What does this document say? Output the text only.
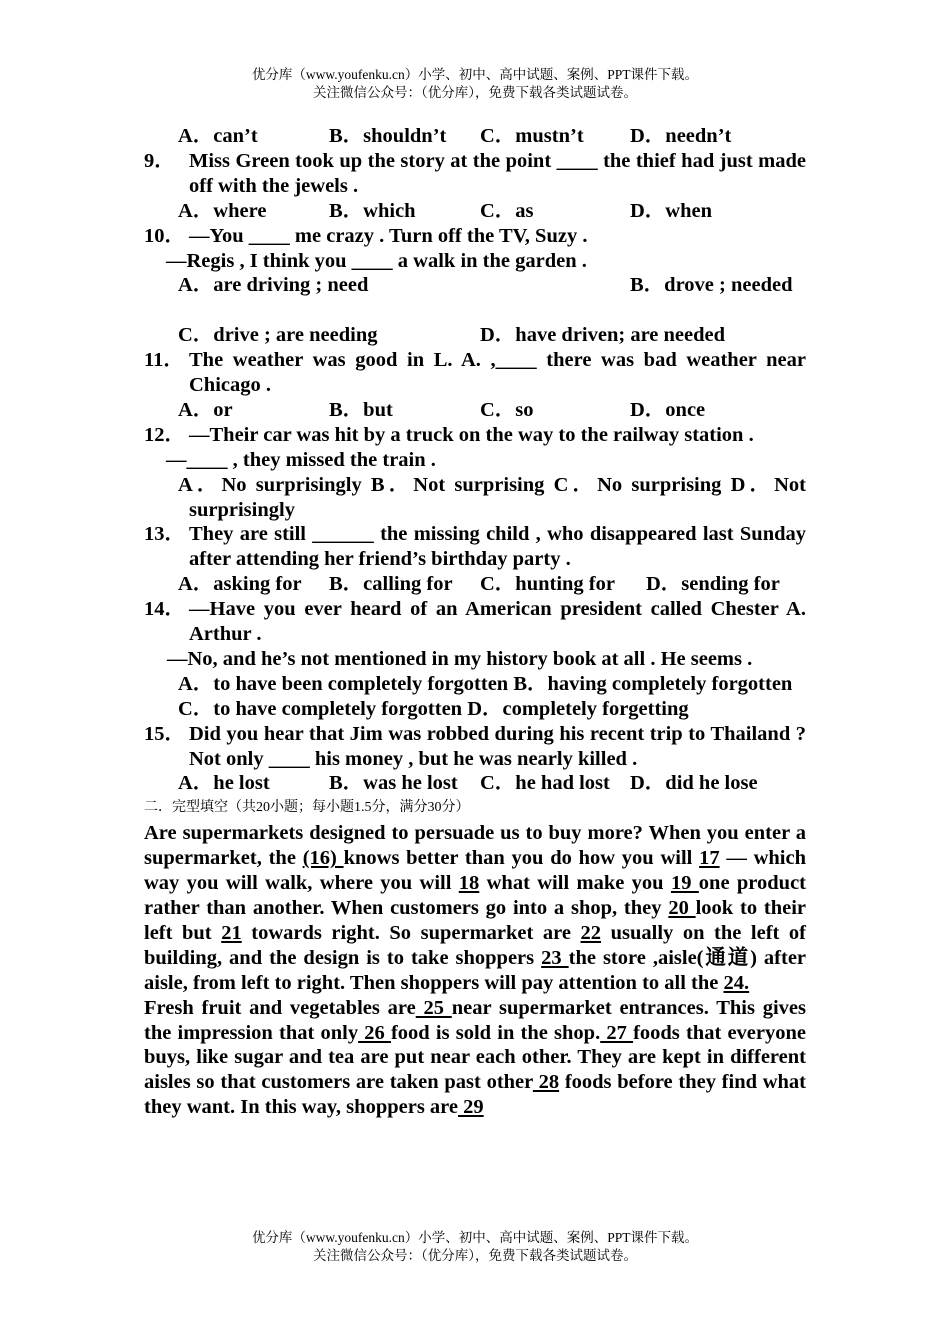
优分库（www.youfenku.cn）小学、初中、高中试题、案例、PPT课件下载。
关注微信公众号：（优分库），免费下载各类试题试卷。
A．can’t	B．shouldn’t C．mustn’t D．needn’t
9． Miss Green took up the story at the point ____ the thief had just made off with the jewels .
A．where	B．which	C．as	D．when
10． —You ____ me crazy . Turn off the TV, Suzy .
—Regis , I think you ____ a walk in the garden .
A．are driving ; need	B．drove ; needed
C．drive ; are needing	D．have driven; are needed
11． The weather was good in L. A. ,____ there was bad weather near Chicago .
A．or	B．but	C．so	D．once
12． —Their car was hit by a truck on the way to the railway station .
—____ , they missed the train .
A．No surprisingly B．Not surprising C．No surprising D．Not surprisingly
13． They are still ______ the missing child , who disappeared last Sunday after attending her friend’s birthday party .
A．asking for B．calling for C．hunting for D．sending for
14． —Have you ever heard of an American president called Chester A. Arthur .
—No, and he’s not mentioned in my history book at all . He seems .
A．to have been completely forgotten B．having completely forgotten
C．to have completely forgotten D．completely forgetting
15． Did you hear that Jim was robbed during his recent trip to Thailand ? Not only ____ his money , but he was nearly killed .
A．he lost	B．was he lost C．he had lost D．did he lose
二．完型填空（共20小题；每小题1.5分，满分30分）
Are supermarkets designed to persuade us to buy more? When you enter a supermarket, the (16) knows better than you do how you will 17 — which way you will walk, where you will 18 what will make you 19 one product rather than another. When customers go into a shop, they 20 look to their left but 21 towards right. So supermarket are 22 usually on the left of building, and the design is to take shoppers 23 the store ,aisle(通道) after aisle, from left to right. Then shoppers will pay attention to all the 24.
Fresh fruit and vegetables are 25 near supermarket entrances. This gives the impression that only 26 food is sold in the shop. 27 foods that everyone buys, like sugar and tea are put near each other. They are kept in different aisles so that customers are taken past other 28 foods before they find what they want. In this way, shoppers are 29
优分库（www.youfenku.cn）小学、初中、高中试题、案例、PPT课件下载。
关注微信公众号：（优分库），免费下载各类试题试卷。
